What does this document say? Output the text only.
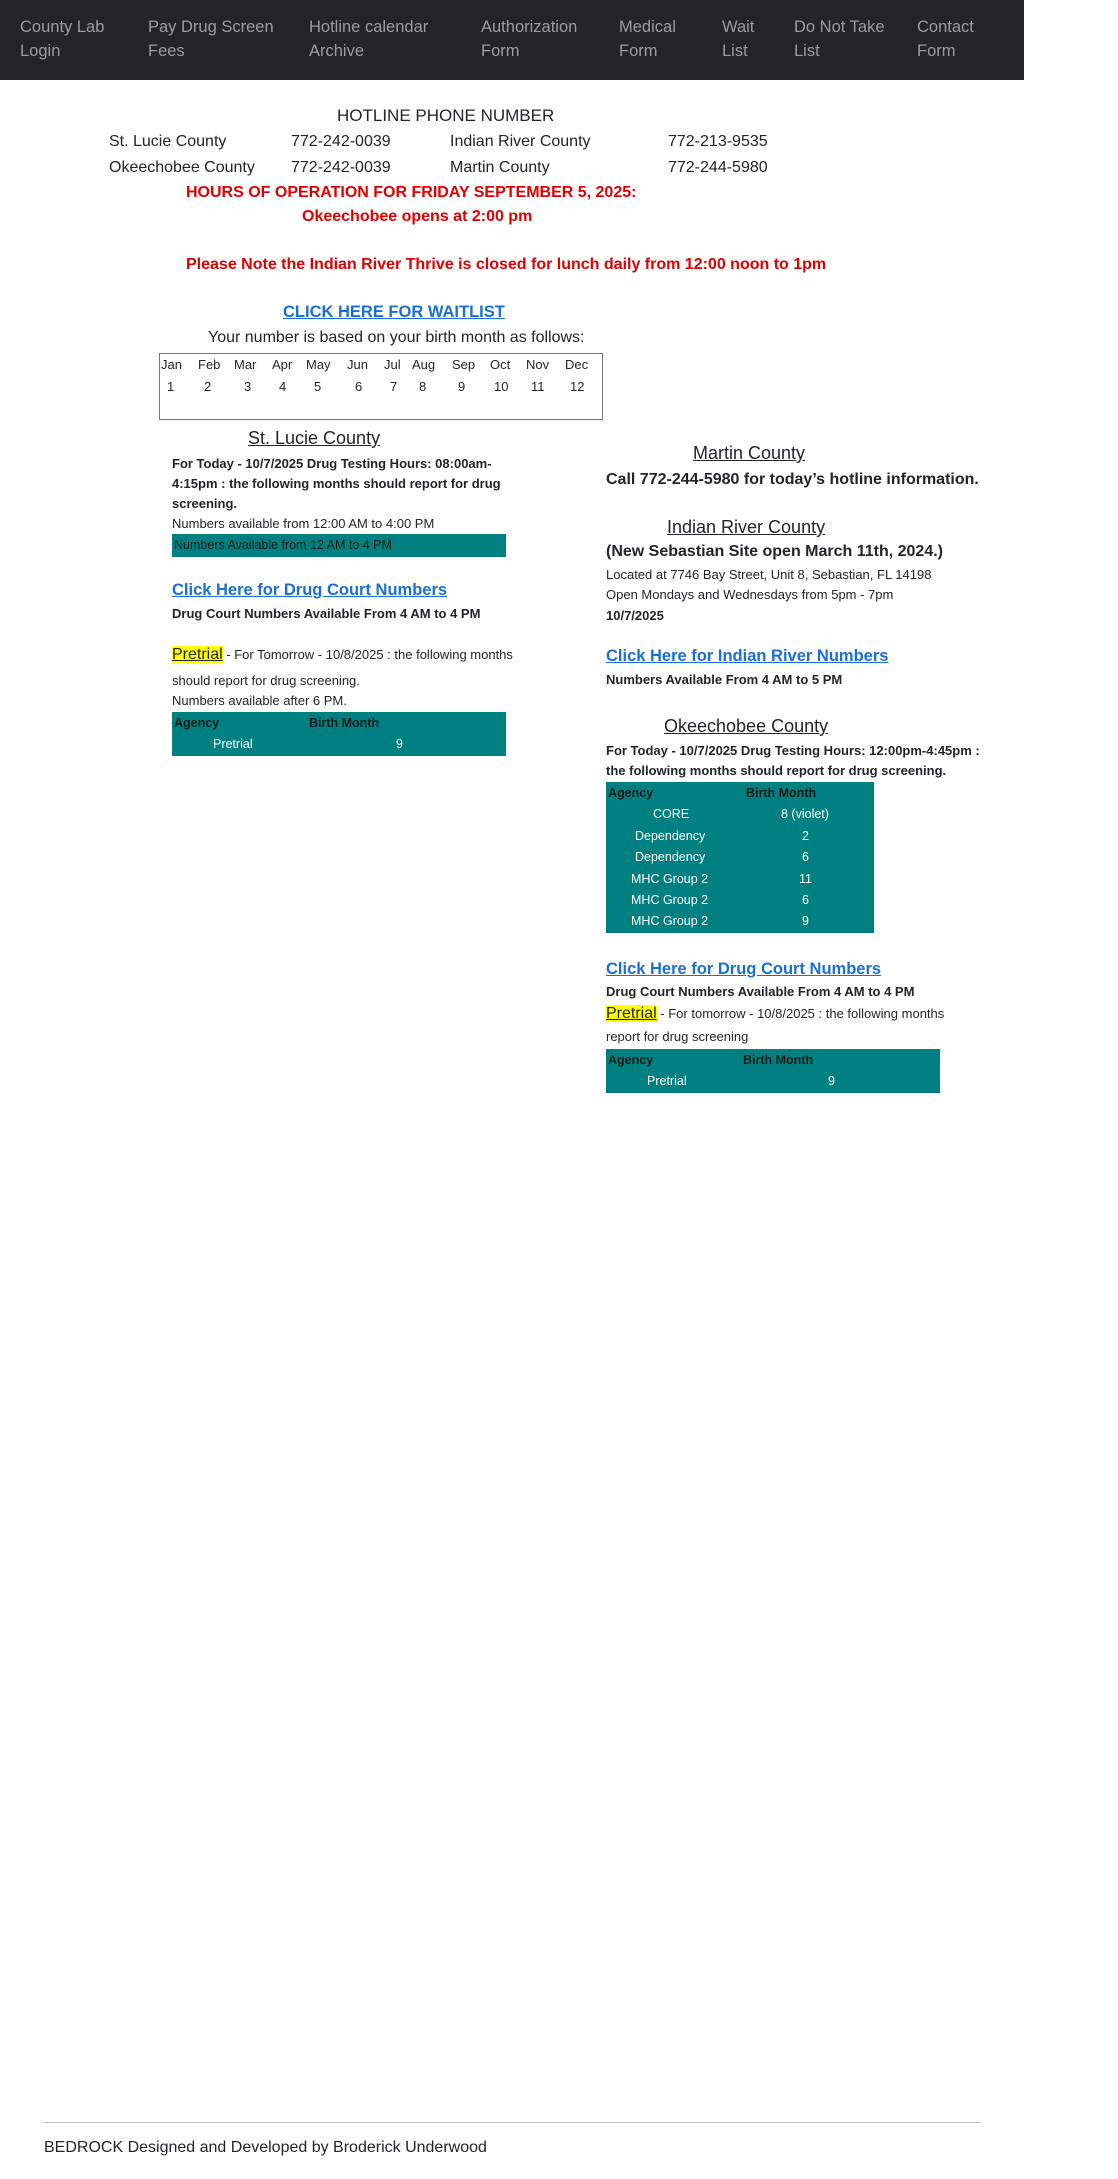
County Lab
Login
Pay Drug Screen
Fees
Hotline calendar
Archive
Authorization
Form
Medical
Form
Wait
List
Do Not Take
List
Contact
Form
HOTLINE PHONE NUMBER
St. Lucie County	772-242-0039	Indian River County	772-213-9535
Okeechobee County 772-242-0039	Martin County	772-244-5980
HOURS OF OPERATION FOR FRIDAY SEPTEMBER 5, 2025:
Okeechobee opens at 2:00 pm
Please Note the Indian River Thrive is closed for lunch daily from 12:00 noon to 1pm
CLICK HERE FOR WAITLIST
Your number is based on your birth month as follows:
Jan Feb Mar Apr May Jun Jul Aug Sep Oct Nov Dec
1 2	3 4 5	6 7 8 9 10 11 12
St. Lucie County
For Today - 10/7/2025 Drug Testing Hours: 08:00am-
4:15pm : the following months should report for drug
screening.
Numbers available from 12:00 AM to 4:00 PM
Numbers Available from 12 AM to 4 PM
Click Here for Drug Court Numbers
Drug Court Numbers Available From 4 AM to 4 PM
Pretrial - For Tomorrow - 10/8/2025 : the following months
should report for drug screening.
Numbers available after 6 PM.
Agency	Birth Month
Pretrial	9
Martin County
Call 772-244-5980 for today’s hotline information.
Indian River County
(New Sebastian Site open March 11th, 2024.)
Located at 7746 Bay Street, Unit 8, Sebastian, FL 14198
Open Mondays and Wednesdays from 5pm - 7pm
10/7/2025
Click Here for Indian River Numbers
Numbers Available From 4 AM to 5 PM
Okeechobee County
For Today - 10/7/2025 Drug Testing Hours: 12:00pm-4:45pm :
the following months should report for drug screening.
Agency	Birth Month
CORE	8 (violet)
Dependency	2
Dependency	6
MHC Group 2	11
MHC Group 2	6
MHC Group 2	9
Click Here for Drug Court Numbers
Drug Court Numbers Available From 4 AM to 4 PM
Pretrial - For tomorrow - 10/8/2025 : the following months
report for drug screening
Agency	Birth Month
Pretrial	9
BEDROCK Designed and Developed by Broderick Underwood
